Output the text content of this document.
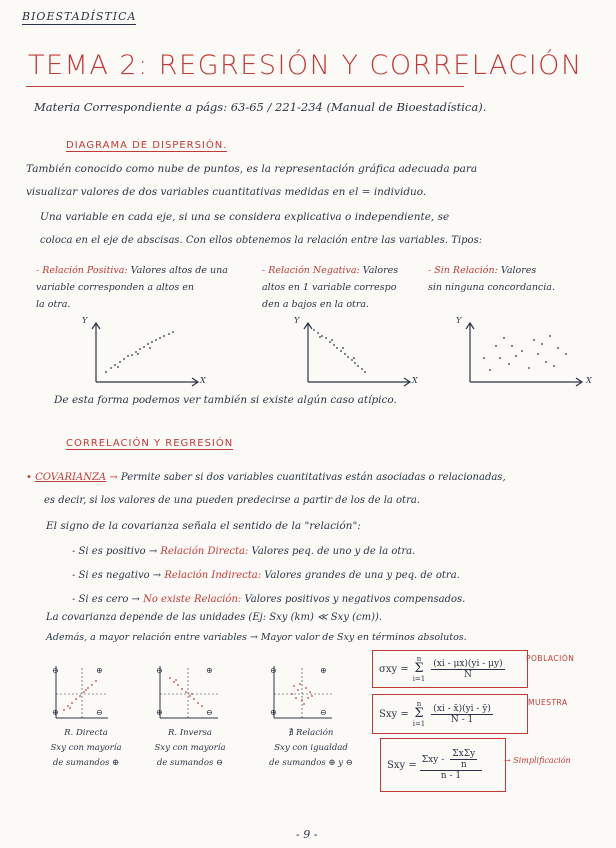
BIOESTADÍSTICA
TEMA 2: REGRESIÓN Y CORRELACIÓN
Materia Correspondiente a págs: 63-65 / 221-234 (Manual de Bioestadística).
DIAGRAMA DE DISPERSIÓN.
También conocido como nube de puntos, es la representación gráfica adecuada para
visualizar valores de dos variables cuantitativas medidas en el = individuo.
Una variable en cada eje, si una se considera explicativa o independiente, se
coloca en el eje de abscisas. Con ellos obtenemos la relación entre las variables. Tipos:
- Relación Positiva: Valores altos de una
variable corresponden a altos en
la otra.
- Relación Negativa: Valores
altos en 1 variable correspo
den a bajos en la otra.
- Sin Relación: Valores
sin ninguna concordancia.
Y
X
Y
X
Y
X
De esta forma podemos ver también si existe algún caso atípico.
CORRELACIÓN Y REGRESIÓN
• COVARIANZA → Permite saber si dos variables cuantitativas están asociadas o relacionadas,
es decir, si los valores de una pueden predecirse a partir de los de la otra.
El signo de la covarianza señala el sentido de la "relación":
- Si es positivo → Relación Directa: Valores peq. de uno y de la otra.
- Si es negativo → Relación Indirecta: Valores grandes de una y peq. de otra.
- Si es cero → No existe Relación: Valores positivos y negativos compensados.
La covarianza depende de las unidades (Ej: Sxy (km) ≪ Sxy (cm)).
Además, a mayor relación entre variables → Mayor valor de Sxy en términos absolutos.
⊖	⊕
⊕	⊖
⊖	⊕
⊕	⊖
⊖	⊕
⊕	⊖
R. Directa
Sxy con mayoría
de sumandos ⊕
R. Inversa
Sxy con mayoría
de sumandos ⊖
∄ Relación
Sxy con igualdad
de sumandos ⊕ y ⊖
σxy =
n
Σ
$i=1 \frac{(xi - \mu x)(yi - \mu y)}{N}$	POBLACIÓN
Sxy =
n
Σ
$i=1 \frac{(xi - x̄)(yi - ȳ)}{N - 1}$
MUESTRA
Sxy = $\frac{\Sigma xy - \frac{\text{ΣxΣy}}{n}}{n - 1}$	→ Simplificación
- 9 -
